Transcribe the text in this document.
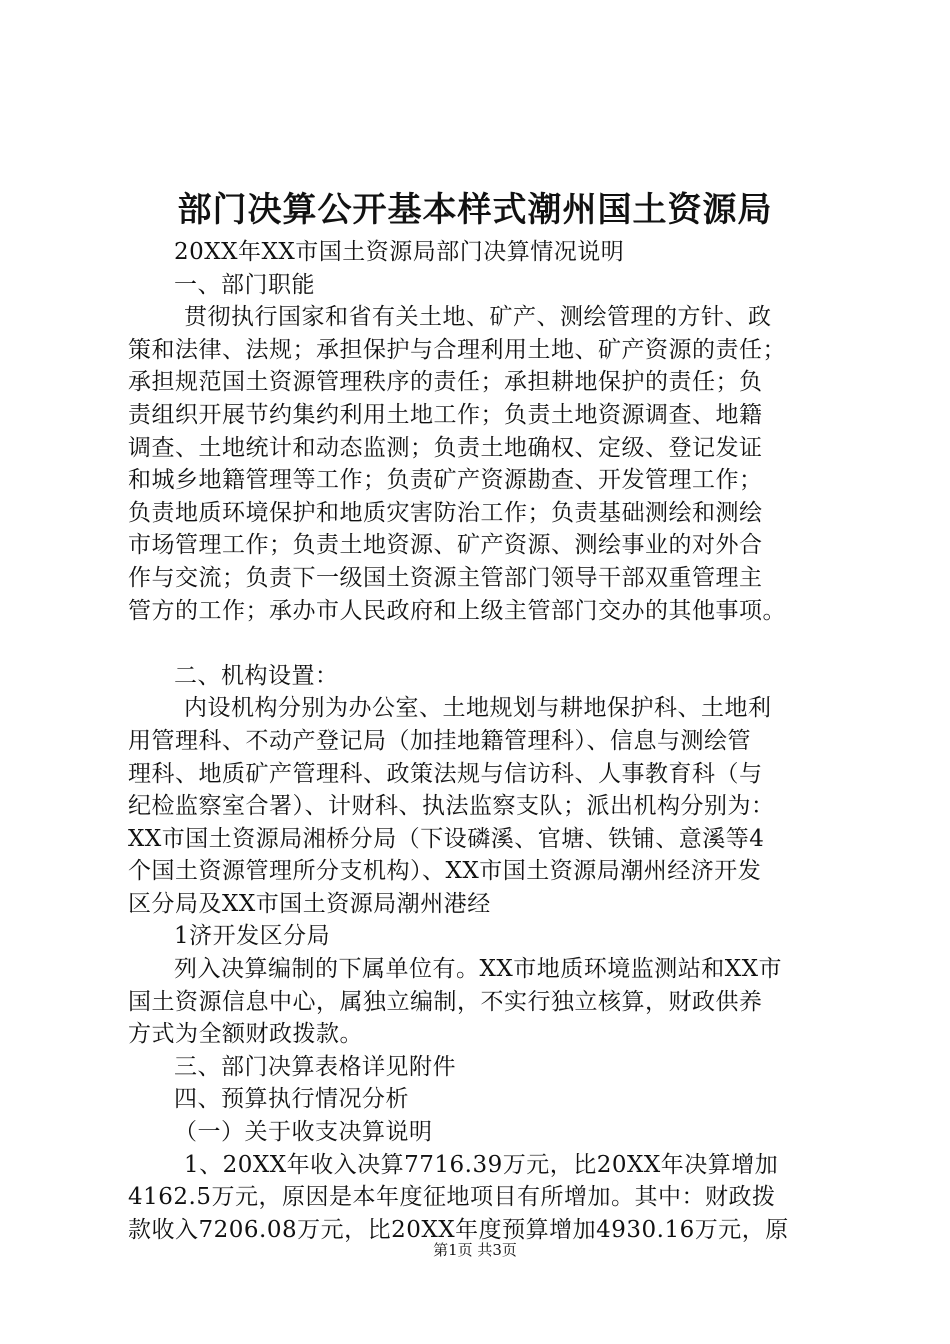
部门决算公开基本样式潮州国土资源局
20XX年XX市国土资源局部门决算情况说明
一、部门职能
贯彻执行国家和省有关土地、矿产、测绘管理的方针、政
策和法律、法规；承担保护与合理利用土地、矿产资源的责任；
承担规范国土资源管理秩序的责任；承担耕地保护的责任；负
责组织开展节约集约利用土地工作；负责土地资源调查、地籍
调查、土地统计和动态监测；负责土地确权、定级、登记发证
和城乡地籍管理等工作；负责矿产资源勘查、开发管理工作；
负责地质环境保护和地质灾害防治工作；负责基础测绘和测绘
市场管理工作；负责土地资源、矿产资源、测绘事业的对外合
作与交流；负责下一级国土资源主管部门领导干部双重管理主
管方的工作；承办市人民政府和上级主管部门交办的其他事项。
二、机构设置：
内设机构分别为办公室、土地规划与耕地保护科、土地利
用管理科、不动产登记局（加挂地籍管理科）、信息与测绘管
理科、地质矿产管理科、政策法规与信访科、人事教育科（与
纪检监察室合署）、计财科、执法监察支队；派出机构分别为：
XX市国土资源局湘桥分局（下设磷溪、官塘、铁铺、意溪等4
个国土资源管理所分支机构）、XX市国土资源局潮州经济开发
区分局及XX市国土资源局潮州港经
1济开发区分局
列入决算编制的下属单位有。XX市地质环境监测站和XX市
国土资源信息中心，属独立编制，不实行独立核算，财政供养
方式为全额财政拨款。
三、部门决算表格详见附件
四、预算执行情况分析
（一）关于收支决算说明
1、20XX年收入决算7716.39万元，比20XX年决算增加
4162.5万元，原因是本年度征地项目有所增加。其中：财政拨
款收入7206.08万元，比20XX年度预算增加4930.16万元，原
第1页 共3页
